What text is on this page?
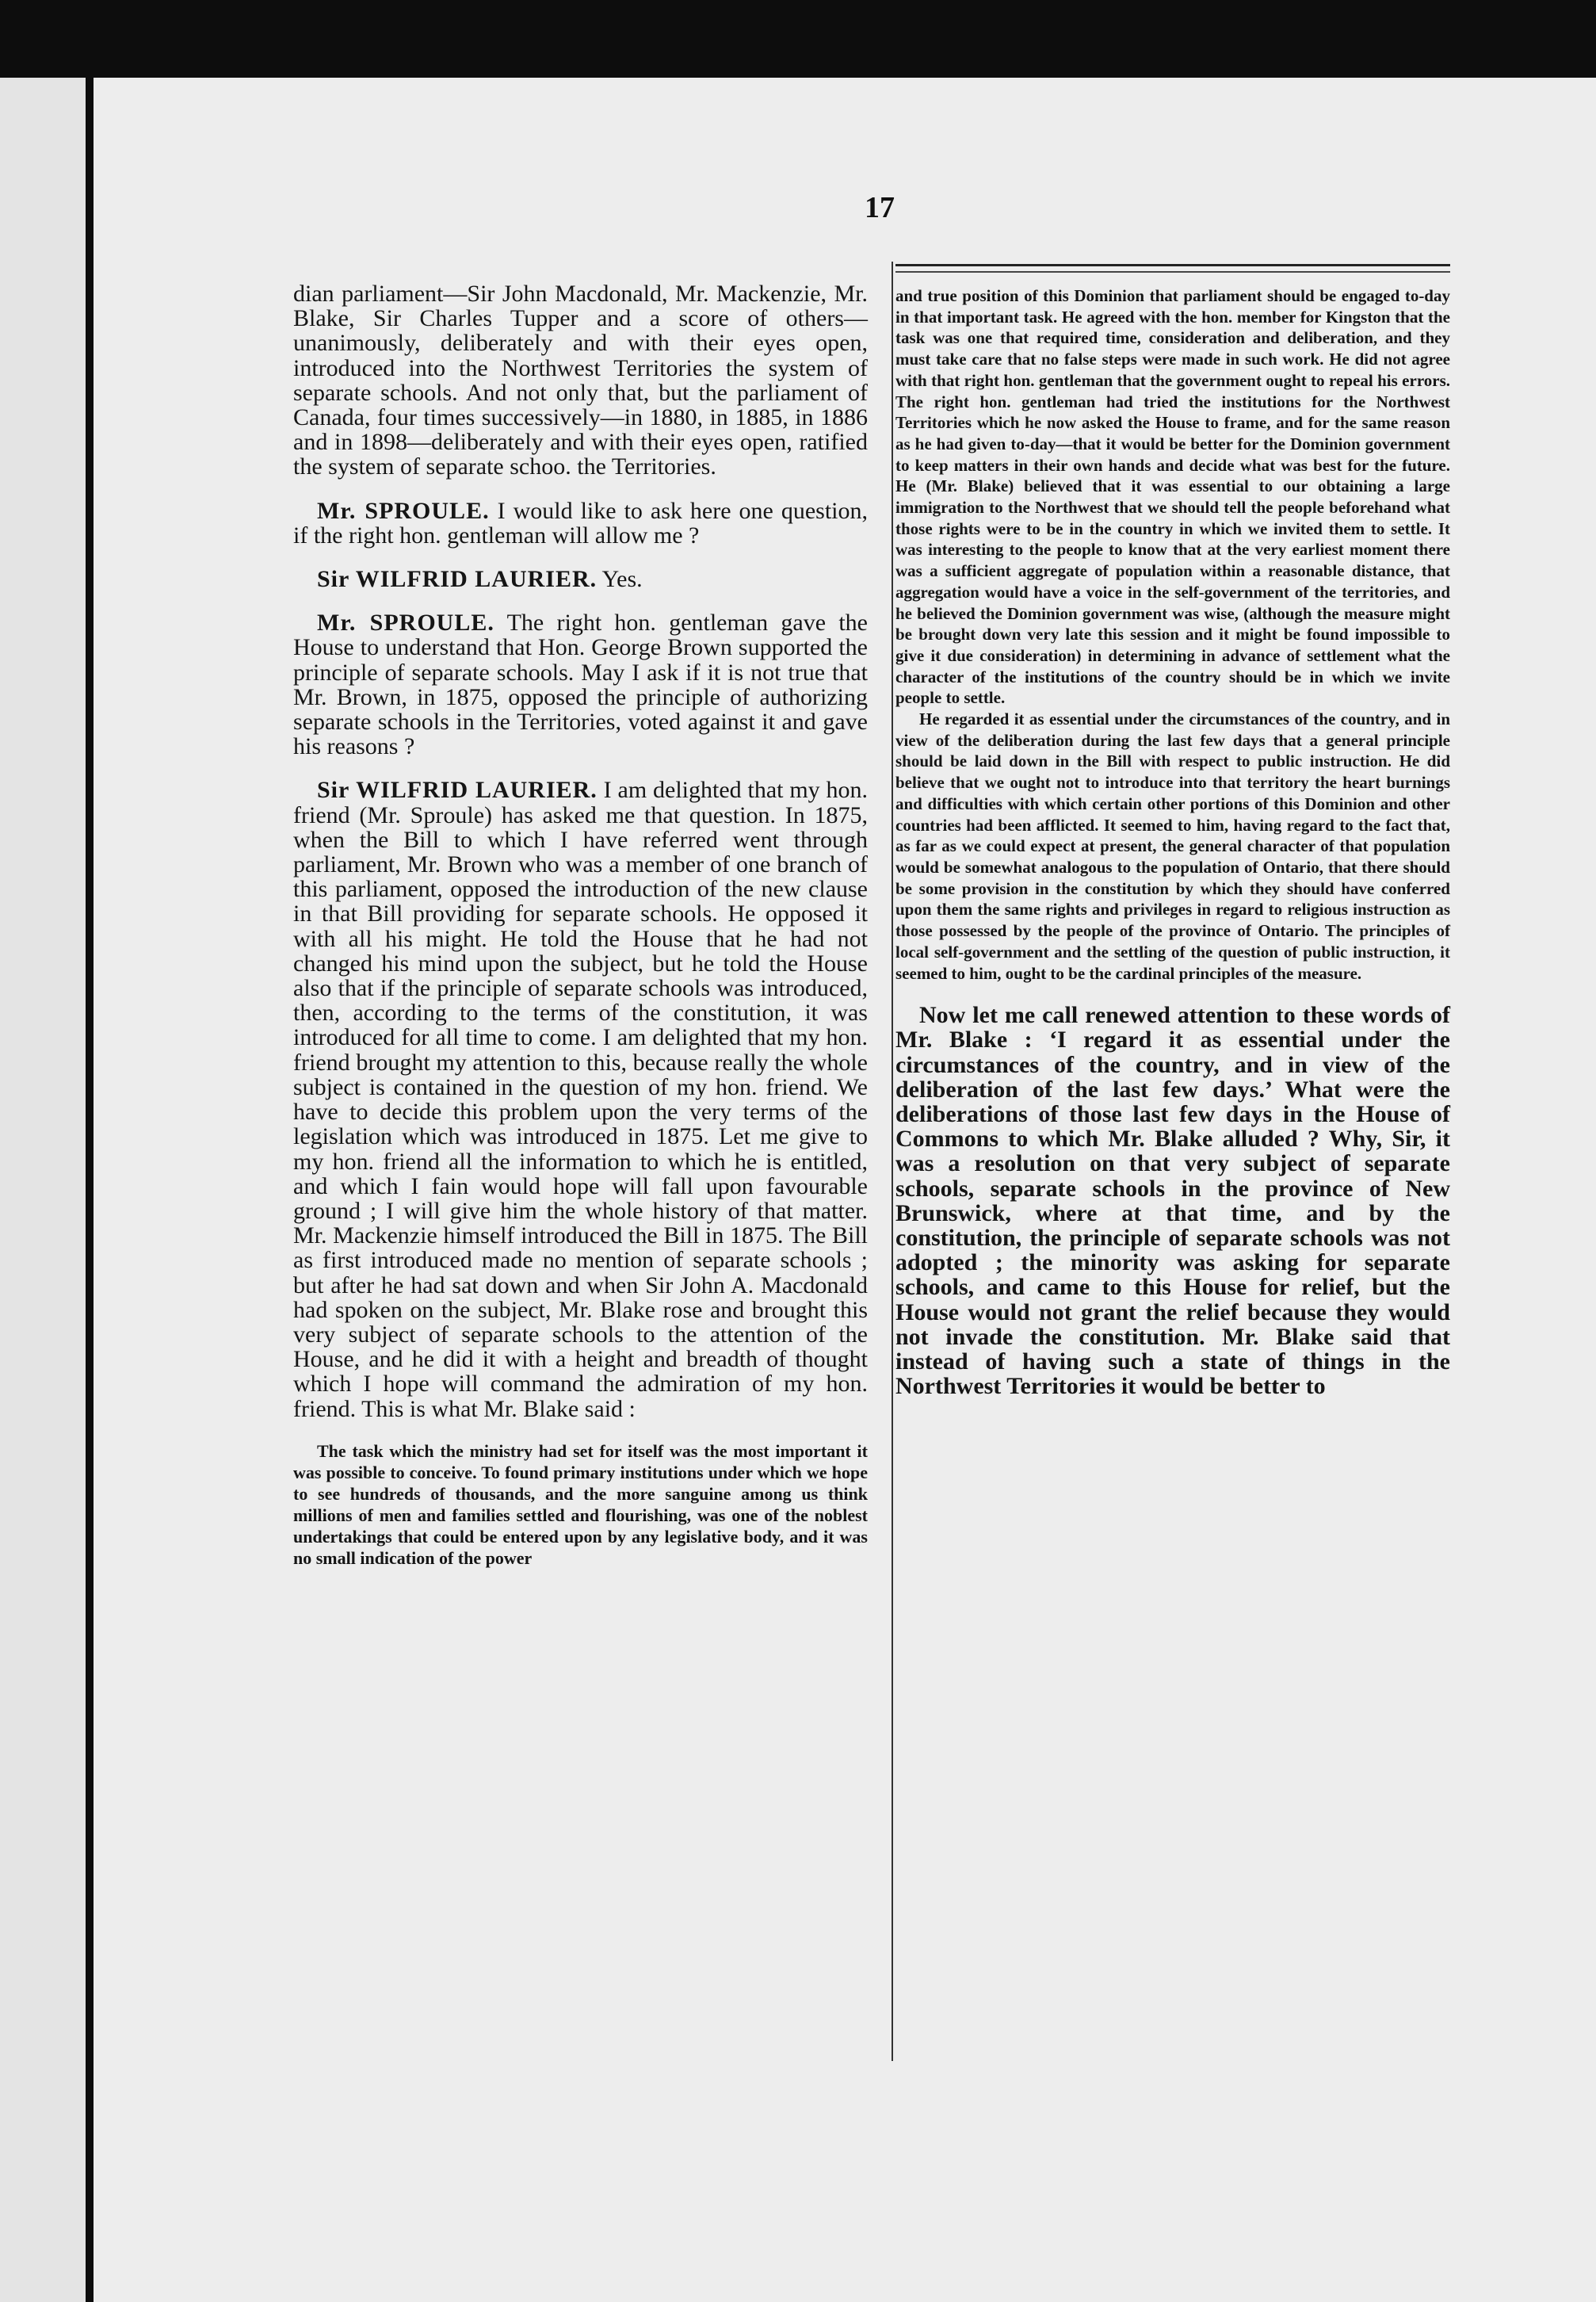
17

dian parliament—Sir John Macdonald, Mr. Mackenzie, Mr. Blake, Sir Charles Tupper and a score of others—unanimously, deliberately and with their eyes open, introduced into the Northwest Territories the system of separate schools. And not only that, but the parliament of Canada, four times successively—in 1880, in 1885, in 1886 and in 1898—deliberately and with their eyes open, ratified the system of separate schoo. the Territories.

Mr. SPROULE. I would like to ask here one question, if the right hon. gentleman will allow me ?

Sir WILFRID LAURIER. Yes.

Mr. SPROULE. The right hon. gentleman gave the House to understand that Hon. George Brown supported the principle of separate schools. May I ask if it is not true that Mr. Brown, in 1875, opposed the principle of authorizing separate schools in the Territories, voted against it and gave his reasons ?

Sir WILFRID LAURIER. I am delighted that my hon. friend (Mr. Sproule) has asked me that question. In 1875, when the Bill to which I have referred went through parliament, Mr. Brown who was a member of one branch of this parliament, opposed the introduction of the new clause in that Bill providing for separate schools. He opposed it with all his might. He told the House that he had not changed his mind upon the subject, but he told the House also that if the principle of separate schools was introduced, then, according to the terms of the constitution, it was introduced for all time to come. I am delighted that my hon. friend brought my attention to this, because really the whole subject is contained in the question of my hon. friend. We have to decide this problem upon the very terms of the legislation which was introduced in 1875. Let me give to my hon. friend all the information to which he is entitled, and which I fain would hope will fall upon favourable ground ; I will give him the whole history of that matter. Mr. Mackenzie himself introduced the Bill in 1875. The Bill as first introduced made no mention of separate schools ; but after he had sat down and when Sir John A. Macdonald had spoken on the subject, Mr. Blake rose and brought this very subject of separate schools to the attention of the House, and he did it with a height and breadth of thought which I hope will command the admiration of my hon. friend. This is what Mr. Blake said :

The task which the ministry had set for itself was the most important it was possible to conceive. To found primary institutions under which we hope to see hundreds of thousands, and the more sanguine among us think millions of men and families settled and flourishing, was one of the noblest undertakings that could be entered upon by any legislative body, and it was no small indication of the power

and true position of this Dominion that parliament should be engaged to-day in that important task. He agreed with the hon. member for Kingston that the task was one that required time, consideration and deliberation, and they must take care that no false steps were made in such work. He did not agree with that right hon. gentleman that the government ought to repeal his errors. The right hon. gentleman had tried the institutions for the Northwest Territories which he now asked the House to frame, and for the same reason as he had given to-day—that it would be better for the Dominion government to keep matters in their own hands and decide what was best for the future. He (Mr. Blake) believed that it was essential to our obtaining a large immigration to the Northwest that we should tell the people beforehand what those rights were to be in the country in which we invited them to settle. It was interesting to the people to know that at the very earliest moment there was a sufficient aggregate of population within a reasonable distance, that aggregation would have a voice in the self-government of the territories, and he believed the Dominion government was wise, (although the measure might be brought down very late this session and it might be found impossible to give it due consideration) in determining in advance of settlement what the character of the institutions of the country should be in which we invite people to settle.

He regarded it as essential under the circumstances of the country, and in view of the deliberation during the last few days that a general principle should be laid down in the Bill with respect to public instruction. He did believe that we ought not to introduce into that territory the heart burnings and difficulties with which certain other portions of this Dominion and other countries had been afflicted. It seemed to him, having regard to the fact that, as far as we could expect at present, the general character of that population would be somewhat analogous to the population of Ontario, that there should be some provision in the constitution by which they should have conferred upon them the same rights and privileges in regard to religious instruction as those possessed by the people of the province of Ontario. The principles of local self-government and the settling of the question of public instruction, it seemed to him, ought to be the cardinal principles of the measure.

Now let me call renewed attention to these words of Mr. Blake : ‘I regard it as essential under the circumstances of the country, and in view of the deliberation of the last few days.’ What were the deliberations of those last few days in the House of Commons to which Mr. Blake alluded ? Why, Sir, it was a resolution on that very subject of separate schools, separate schools in the province of New Brunswick, where at that time, and by the constitution, the principle of separate schools was not adopted ; the minority was asking for separate schools, and came to this House for relief, but the House would not grant the relief because they would not invade the constitution. Mr. Blake said that instead of having such a state of things in the Northwest Territories it would be better to
